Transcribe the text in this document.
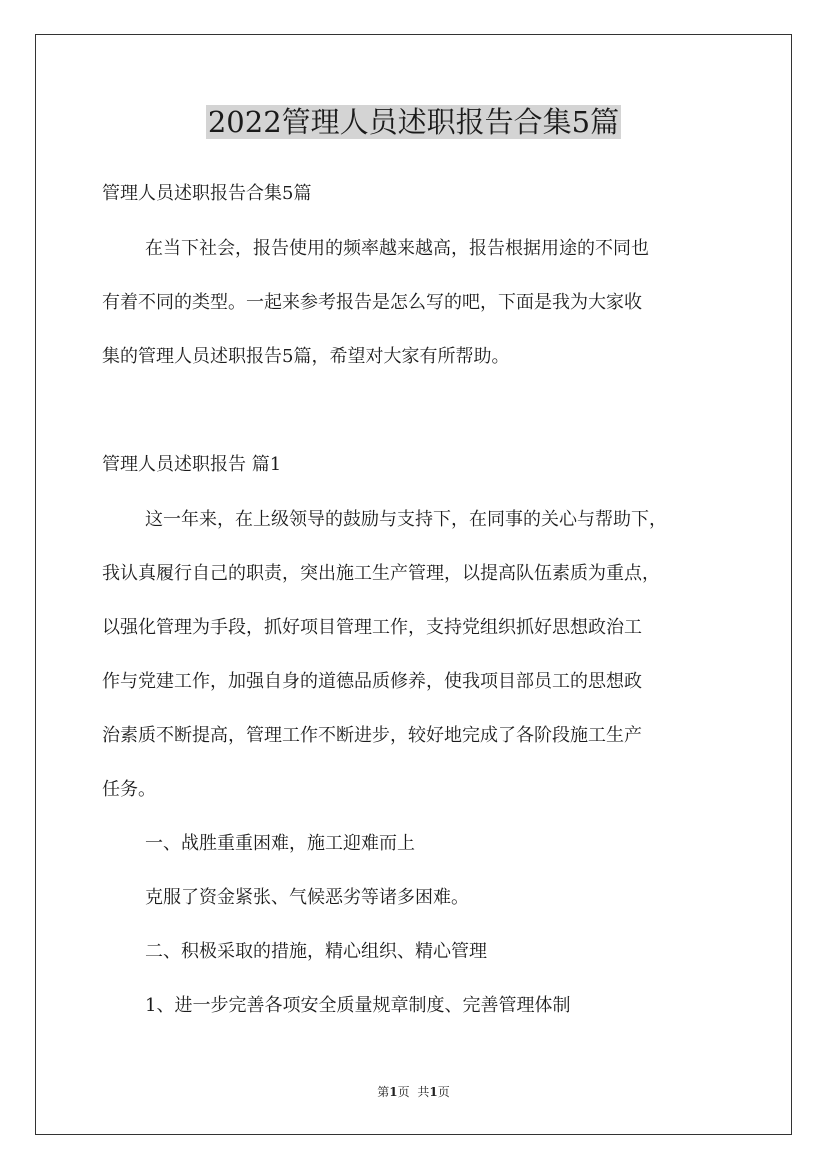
2022管理人员述职报告合集5篇

管理人员述职报告合集5篇

在当下社会，报告使用的频率越来越高，报告根据用途的不同也

有着不同的类型。一起来参考报告是怎么写的吧，下面是我为大家收

集的管理人员述职报告5篇，希望对大家有所帮助。

管理人员述职报告 篇1

这一年来，在上级领导的鼓励与支持下，在同事的关心与帮助下，

我认真履行自己的职责，突出施工生产管理，以提高队伍素质为重点，

以强化管理为手段，抓好项目管理工作，支持党组织抓好思想政治工

作与党建工作，加强自身的道德品质修养，使我项目部员工的思想政

治素质不断提高，管理工作不断进步，较好地完成了各阶段施工生产

任务。

一、战胜重重困难，施工迎难而上

克服了资金紧张、气候恶劣等诸多困难。

二、积极采取的措施，精心组织、精心管理

1、进一步完善各项安全质量规章制度、完善管理体制

第1页 共1页
